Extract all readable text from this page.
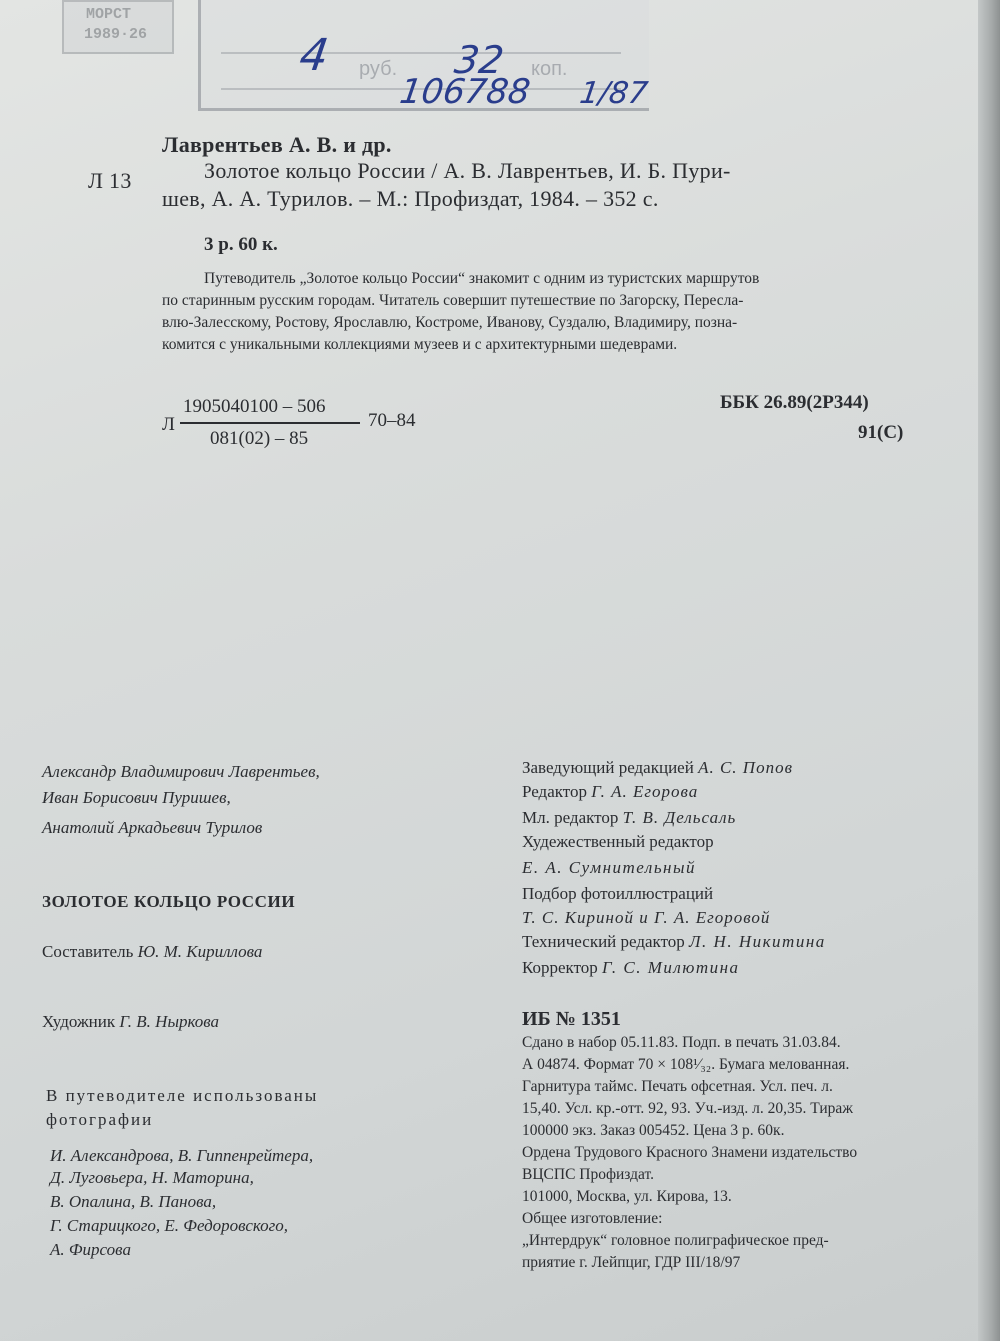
МОРСТ
1989·26
руб.	коп.
4	32
106788 1/87
Лаврентьев А. В. и др.
Л 13	Золотое кольцо России / А. В. Лаврентьев, И. Б. Пури-
шев, А. А. Турилов. – М.: Профиздат, 1984. – 352 с.
3 р. 60 к.
Путеводитель „Золотое кольцо России“ знакомит с одним из туристских маршрутов
по старинным русским городам. Читатель совершит путешествие по Загорску, Пересла-
влю-Залесскому, Ростову, Ярославлю, Костроме, Иванову, Суздалю, Владимиру, позна-
комится с уникальными коллекциями музеев и с архитектурными шедеврами.
Л
1905040100 – 506
081(02) – 85
70–84
ББК 26.89(2Р344)
91(С)
Александр Владимирович Лаврентьев,
Иван Борисович Пуришев,
Анатолий Аркадьевич Турилов
ЗОЛОТОЕ КОЛЬЦО РОССИИ
Составитель Ю. М. Кириллова
Художник Г. В. Ныркова
В путеводителе использованы
фотографии
И. Александрова, В. Гиппенрейтера,
Д. Луговьера, Н. Маторина,
В. Опалина, В. Панова,
Г. Старицкого, Е. Федоровского,
А. Фирсова
Заведующий редакцией А. С. Попов
Редактор Г. А. Егорова
Мл. редактор Т. В. Дельсаль
Худежественный редактор
Е. А. Сумнительный
Подбор фотоиллюстраций
Т. С. Кириной и Г. А. Егоровой
Технический редактор Л. Н. Никитина
Корректор Г. С. Милютина
ИБ № 1351
Сдано в набор 05.11.83. Подп. в печать 31.03.84.
А 04874. Формат 70 × 108¹⁄₃₂. Бумага мелованная.
Гарнитура таймс. Печать офсетная. Усл. печ. л.
15,40. Усл. кр.-отт. 92, 93. Уч.-изд. л. 20,35. Тираж
100000 экз. Заказ 005452. Цена 3 р. 60к.
Ордена Трудового Красного Знамени издательство
ВЦСПС Профиздат.
101000, Москва, ул. Кирова, 13.
Общее изготовление:
„Интердрук“ головное полиграфическое пред-
приятие г. Лейпциг, ГДР III/18/97
